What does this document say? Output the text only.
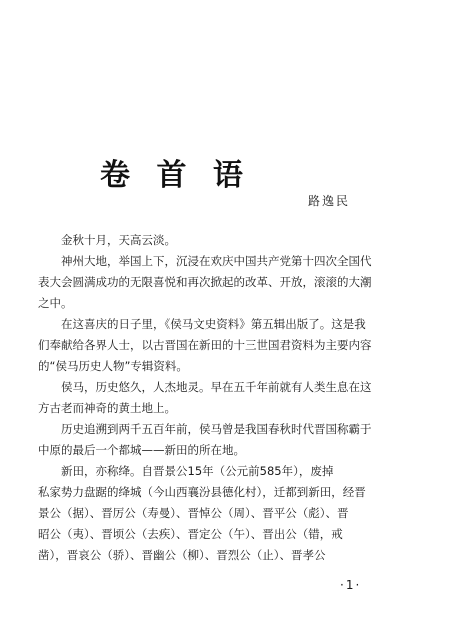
卷 首 语
路逸民
金秋十月，天高云淡。
神州大地，举国上下，沉浸在欢庆中国共产党第十四次全国代
表大会圆满成功的无限喜悦和再次掀起的改革、开放，滚滚的大潮
之中。
在这喜庆的日子里，《侯马文史资料》第五辑出版了。这是我
们奉献给各界人士，以古晋国在新田的十三世国君资料为主要内容
的“侯马历史人物”专辑资料。
侯马，历史悠久，人杰地灵。早在五千年前就有人类生息在这
方古老而神奇的黄土地上。
历史追溯到两千五百年前，侯马曾是我国春秋时代晋国称霸于
中原的最后一个都城——新田的所在地。
新田，亦称绛。自晋景公15年（公元前585年），废掉
私家势力盘踞的绛城（今山西襄汾县德化村），迁都到新田，经晋
景公（据）、晋厉公（寿曼）、晋悼公（周）、晋平公（彪）、晋
昭公（夷）、晋顷公（去疾）、晋定公（午）、晋出公（错，戒
凿），晋哀公（骄）、晋幽公（柳）、晋烈公（止）、晋孝公
·1·
